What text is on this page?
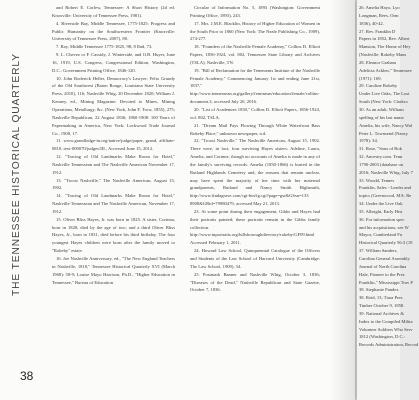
THE TENNESSEE HISTORICAL QUARTERLY

and Robert E. Corlew, Tennessee: A Short History (2d ed. Knoxville: University of Tennessee Press, 1981).

4. Riverside Bay, Middle Tennessee, 1775-1825: Progress and Public Humanity on the Southwestern Frontier (Knoxville: University of Tennessee Press, 2007), 80.

7. Ray, Middle Tennessee 1775-1825, 98; 8 Ibid, 73.

9. L. Chevez or F. Cassidy, J. Winterside, and O.B. Huyer, June 16, 1919, U.S. Congress, Congressional Edition, Washington, D.C.: Government Printing Office, 1846-120.

10. John Roderick Heller, Democracy's Lawyer: Felix Grundy of the Old Southwest (Baton Rouge, Louisiana State University Press, 2010), 116; Nashville Whig, 20 December 1820; William J. Kenney, ed., Mining Magazine: Devoted to Mines, Mining Operations, Metallurgy, &c. (New York, John F. Trow, 1855), 275; Nashville Republican, 22 August 1836; 1860-1908: 100 Years of Papermaking in America, New York: Lockwood Trade Journal Co., 1908, 17.

11. www.grandlodge-tn.org/native/judge/paper, grand, affiliate-0810, text-000070/judges/III., Accessed June 15, 2012.

12. "Tracing of Old Landmarks Make Room for Hotel," Nashville Tennessean and The Nashville American November 17, 1912.

13. "Troost Nashville," The Nashville American, August 15, 1902.

14. "Tracing of Old Landmarks Make Room for Hotel," Nashville Tennessean and The Nashville American, November 17, 1912.

15. Oliver Bliss Hayes, Jr. was born in 1825. A sister, Corinna, born in 1828, died by the age of two; and a third Oliver Bliss Hayes, Jr., born in 1831, died before his third birthday. The four youngest Hayes children were born after the family moved to "Rokeby" estate.

16. Joe Nashville Anniversary, ed., "The New England Teachers in Nashville, 1818," Tennessee Historical Quarterly XVI (March 1968): 58-9; Louise Mayo Harrison, Ph.D., "Higher Education in Tennessee," Bureau of Education

Circular of Information No. 5, 1893 (Washington: Government Printing Office, 1893), 243.

17. Mrs. J.M.E. Blacklin, History of Higher Education of Women in the South Prior to 1860 (New York: The Neale Publishing Co., 1909), 274-277.

18. "Founders of the Nashville Female Academy," Collins D. Elliott Papers, 1856-1924, vol. 802, Tennessee State Library and Archives (TSLA), Nashville, TN.

19. "Bill of Reclamation for the Tenements Institute of the Nashville Female Academy," Commencing January 1st and ending June 21st, 1837," http://www.tennessean.org/gallery/feminism/education/female/collins-document.3, accessed July 20, 2016.

20. "List of Academies 1830," Collins D. Elliott Papers, 1856-1924, vol. 802, TSLA.

21. "Dream Mail Pays Flowing Through White Waterfront Bass Rokeby Place," unknown newspaper, n.d.

22. "Troost Nashville," The Nashville American, August 15, 1902. There were, in fact, four surviving Hayes sisters: Adeline, Laura, Amelia, and Corinne, though no accounts of Amelia is made in any of the family's surviving records. Amelia (1830-1866) is buried in the Rutland Highlands Cemetery and, the reasons that remain unclear, may have spent the majority of her time with her maternal grandparents, Rutland and Nancy Smith Highsmith, http://www.findagrave.com/cgi-bin/fg.cgi?page=gsr&GSsn=133 8908&GRid=79980479, accessed May 21, 2013.

23. At some point during their engagement, Gibbs and Hayes had their portraits painted; these portraits remain in the Gibbs family collection. http://www.tnportraits.org/hillsboroughdirectory/rokeby/GF09.html Accessed February 1, 2011.

24. Howard Law School, Quinquennial Catalogue of the Officers and Students of the Law School of Harvard University (Cambridge: The Law School, 1909), 34.

25. Postmark Banner and Nashville Whig, October 3, 1836; "Diseases of the Dead," Nashville Republican and State Gazette, October 7, 1836.

38

26. Amelia Hayo, Lyo

Longman, Rees, Orm

1836), 40-42.

27. Rev. Franklin D

Papers in 1852, Rev. Albert

Mansion, The Home of Hey

(Nashville: Rokeby Mans

28. Eleanor Graham

Adelicia Acklen," Tennessee

(1971): 169.

29. Caroline Rokeby

Under Live Oaks, The Lost

South (New York: Clarkso

30. As an adult, William

spelling of his last name

Amelia, his wife, Nancy Wal

Peter L. Townsend (Nancy

1978): 34.

31. Rose, "Sons of Rok

32. Ancestry.com. Tenn

1790-2003 (database on

2016; Nashville Whig, July 7

33. Woodd, Tennes

Franklin, Sales - Leader and

topics (Greenwood, MA: Re

34. Under the Live Oak

35. Albright, Early Hist

36. For information spec

and his acquisitions, see W

Mayor, Cumberland Fu

Historical Quarterly 56:3 (19

37. William Sanders,

Carolina General Assembly

Journal of North Carolina

Hale, Pioneer to the Pres

Franklin," Mississippi Trav P

38. Stephanie Pandex

38. Reid, 13; Tiara Pres

Timber October 9, 1858.

39. National Archives &

Index to the Compiled Milita

Volunteer Soldiers Who Serv

1812 (Washington, D.C.:

Records Administration, Record
